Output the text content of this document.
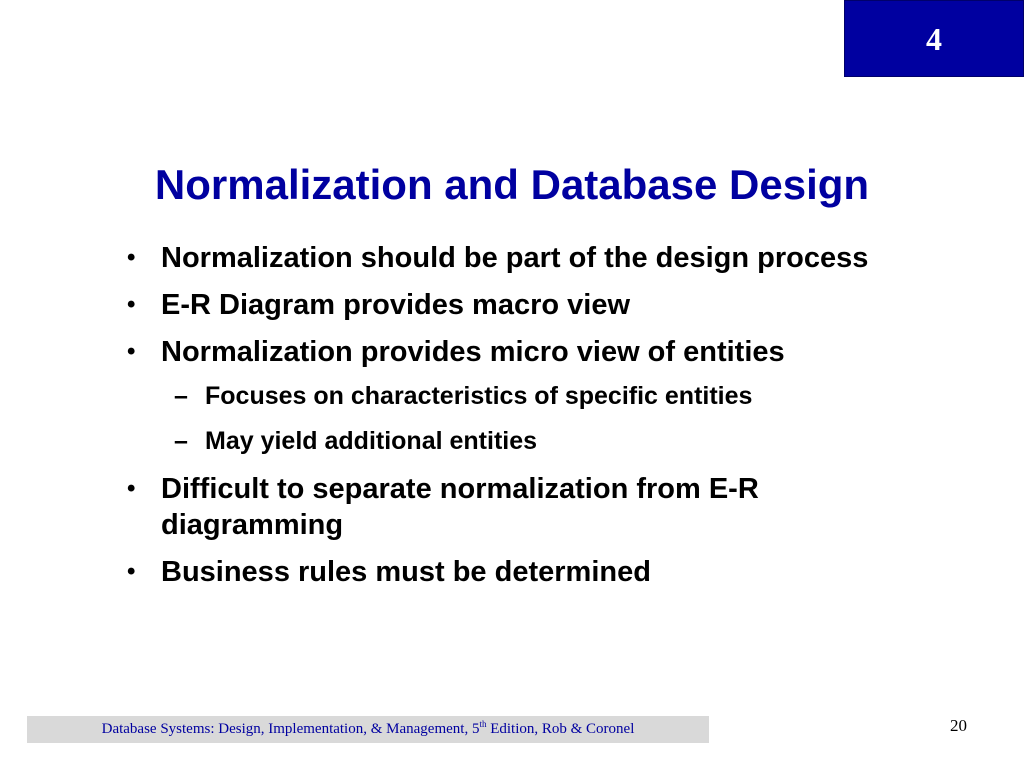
4
Normalization and Database Design
• Normalization should be part of the design process
• E-R Diagram provides macro view
• Normalization provides micro view of entities
– Focuses on characteristics of specific entities
– May yield additional entities
• Difficult to separate normalization from E-R diagramming
• Business rules must be determined
Database Systems: Design, Implementation, & Management, 5th Edition, Rob & Coronel	20
